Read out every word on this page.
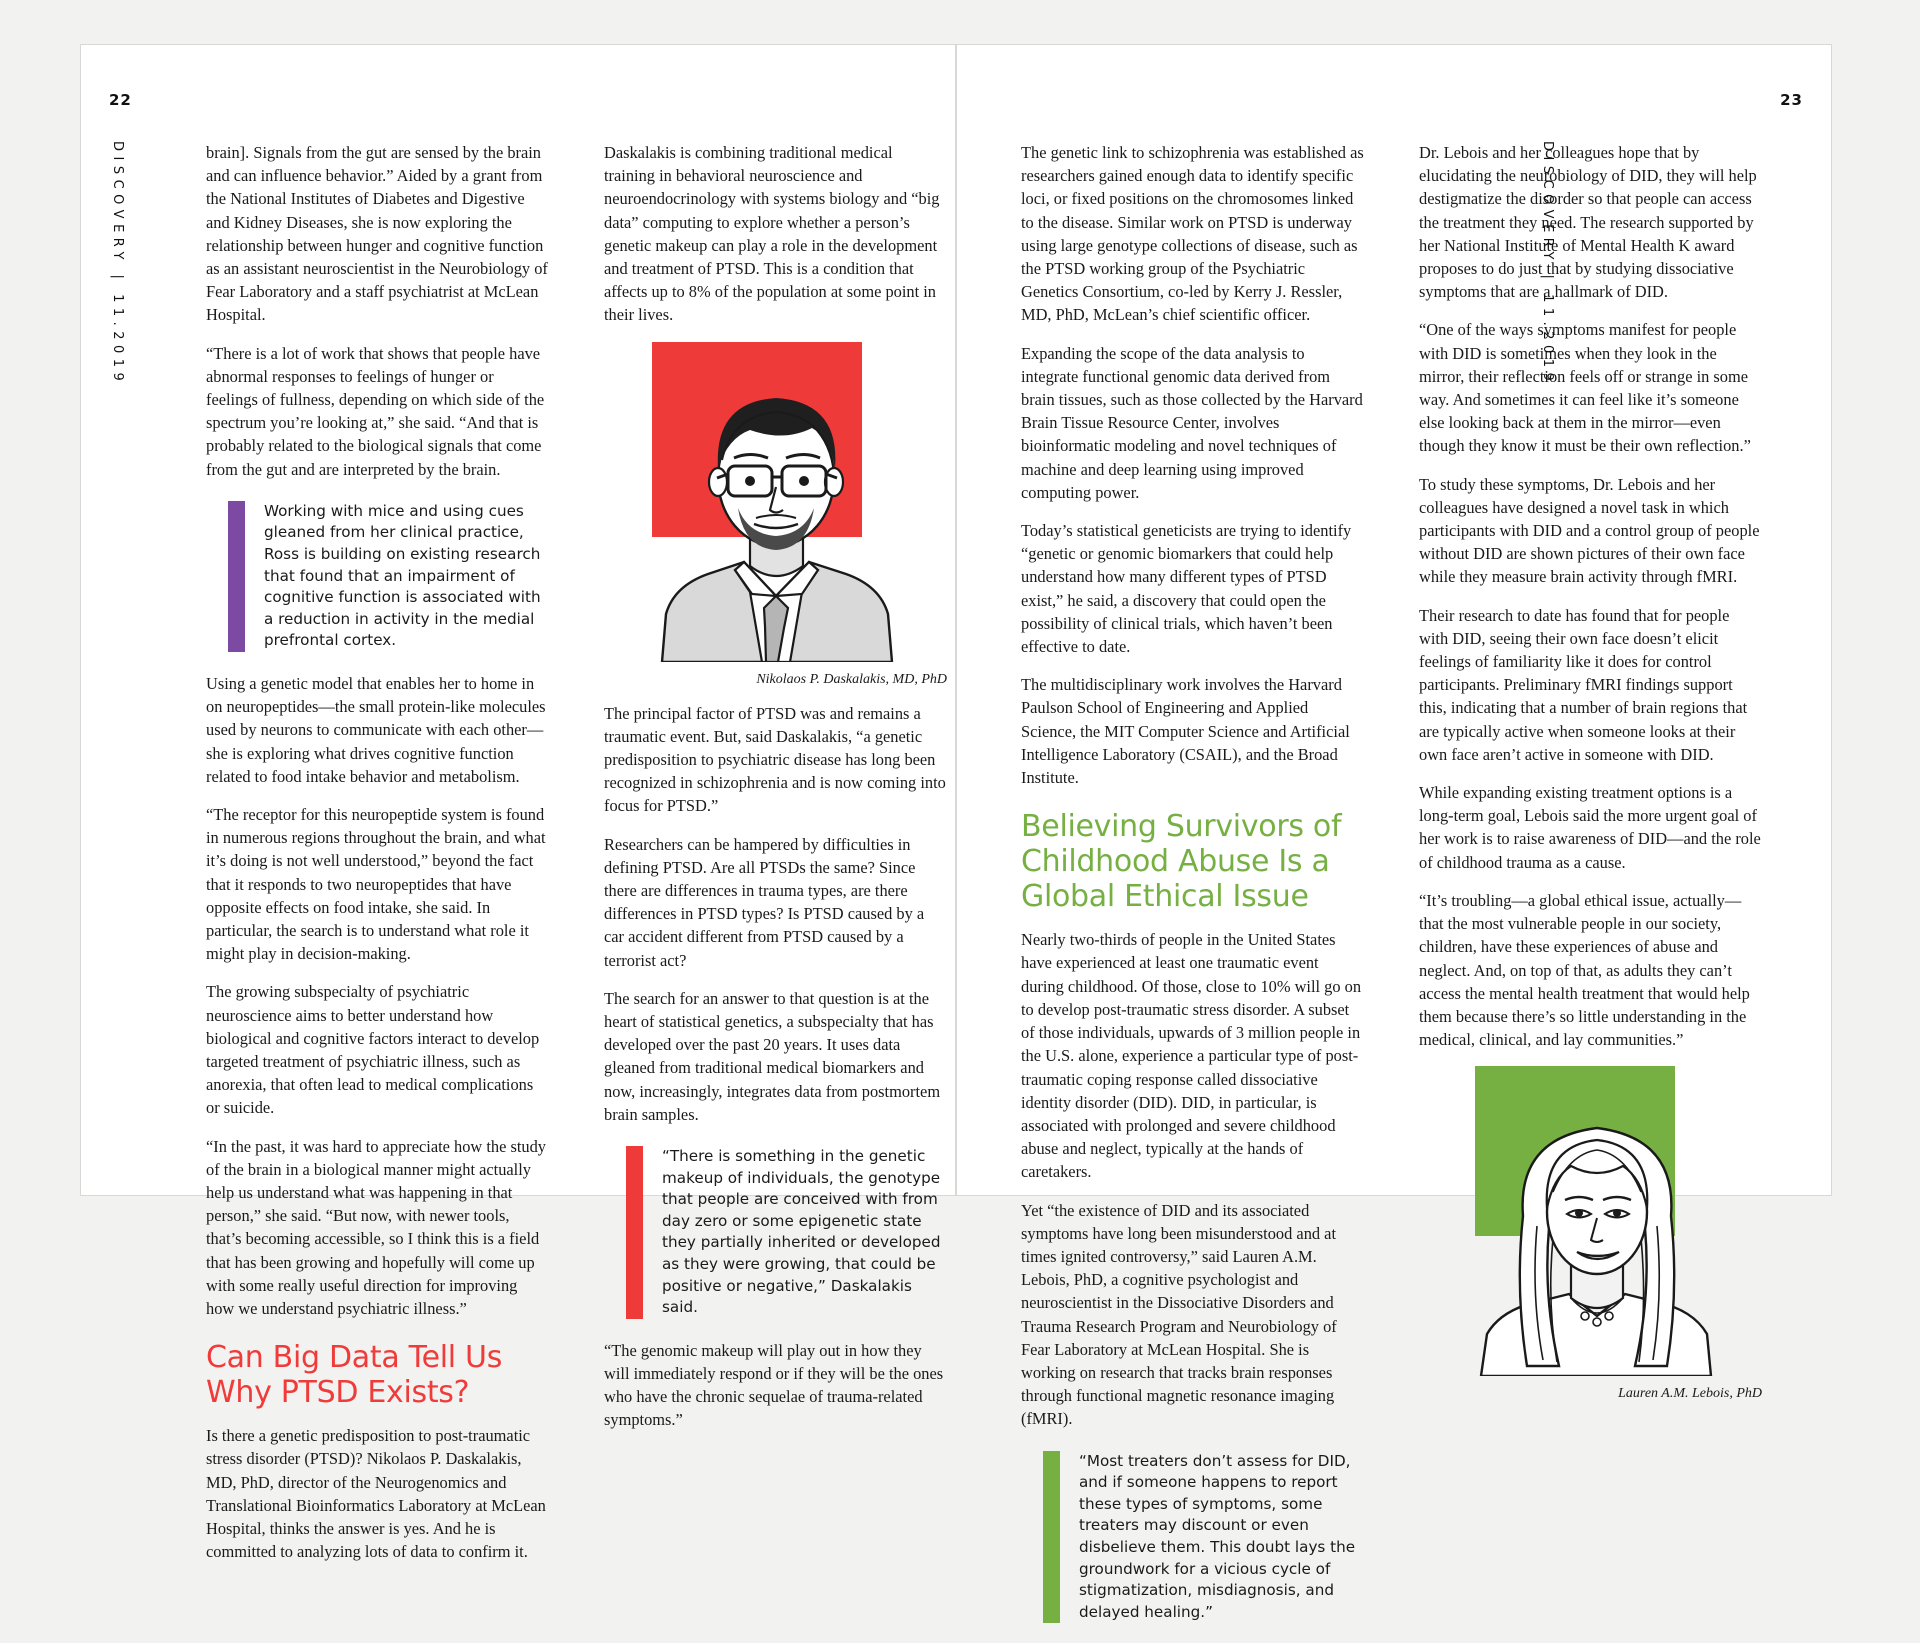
brain]. Signals from the gut are sensed by the brain and can influence behavior.” Aided by a grant from the National Institutes of Diabetes and Digestive and Kidney Diseases, she is now exploring the relationship between hunger and cognitive function as an assistant neuroscientist in the Neurobiology of Fear Laboratory and a staff psychiatrist at McLean Hospital.

“There is a lot of work that shows that people have abnormal responses to feelings of hunger or feelings of fullness, depending on which side of the spectrum you’re looking at,” she said. “And that is probably related to the biological signals that come from the gut and are interpreted by the brain.

Working with mice and using cues gleaned from her clinical practice, Ross is building on existing research that found that an impairment of cognitive function is associated with a reduction in activity in the medial prefrontal cortex.

Using a genetic model that enables her to home in on neuropeptides—the small protein-like molecules used by neurons to communicate with each other—she is exploring what drives cognitive function related to food intake behavior and metabolism.

“The receptor for this neuropeptide system is found in numerous regions throughout the brain, and what it’s doing is not well understood,” beyond the fact that it responds to two neuropeptides that have opposite effects on food intake, she said. In particular, the search is to understand what role it might play in decision-making.

The growing subspecialty of psychiatric neuroscience aims to better understand how biological and cognitive factors interact to develop targeted treatment of psychiatric illness, such as anorexia, that often lead to medical complications or suicide.

“In the past, it was hard to appreciate how the study of the brain in a biological manner might actually help us understand what was happening in that person,” she said. “But now, with newer tools, that’s becoming accessible, so I think this is a field that has been growing and hopefully will come up with some really useful direction for improving how we understand psychiatric illness.”

Can Big Data Tell Us Why PTSD Exists?

Is there a genetic predisposition to post-traumatic stress disorder (PTSD)? Nikolaos P. Daskalakis, MD, PhD, director of the Neurogenomics and Translational Bioinformatics Laboratory at McLean Hospital, thinks the answer is yes. And he is committed to analyzing lots of data to confirm it.

Daskalakis is combining traditional medical training in behavioral neuroscience and neuroendocrinology with systems biology and “big data” computing to explore whether a person’s genetic makeup can play a role in the development and treatment of PTSD. This is a condition that affects up to 8% of the population at some point in their lives.

Nikolaos P. Daskalakis, MD, PhD

The principal factor of PTSD was and remains a traumatic event. But, said Daskalakis, “a genetic predisposition to psychiatric disease has long been recognized in schizophrenia and is now coming into focus for PTSD.”

Researchers can be hampered by difficulties in defining PTSD. Are all PTSDs the same? Since there are differences in trauma types, are there differences in PTSD types? Is PTSD caused by a car accident different from PTSD caused by a terrorist act?

The search for an answer to that question is at the heart of statistical genetics, a subspecialty that has developed over the past 20 years. It uses data gleaned from traditional medical biomarkers and now, increasingly, integrates data from postmortem brain samples.

“There is something in the genetic makeup of individuals, the genotype that people are conceived with from day zero or some epigenetic state they partially inherited or developed as they were growing, that could be positive or negative,” Daskalakis said.

“The genomic makeup will play out in how they will immediately respond or if they will be the ones who have the chronic sequelae of trauma-related symptoms.”

22
DISCOVERY | 11.2019	The genetic link to schizophrenia was established as researchers gained enough data to identify specific loci, or fixed positions on the chromosomes linked to the disease. Similar work on PTSD is underway using large genotype collections of disease, such as the PTSD working group of the Psychiatric Genetics Consortium, co-led by Kerry J. Ressler, MD, PhD, McLean’s chief scientific officer.

Expanding the scope of the data analysis to integrate functional genomic data derived from brain tissues, such as those collected by the Harvard Brain Tissue Resource Center, involves bioinformatic modeling and novel techniques of machine and deep learning using improved computing power.

Today’s statistical geneticists are trying to identify “genetic or genomic biomarkers that could help understand how many different types of PTSD exist,” he said, a discovery that could open the possibility of clinical trials, which haven’t been effective to date.

The multidisciplinary work involves the Harvard Paulson School of Engineering and Applied Science, the MIT Computer Science and Artificial Intelligence Laboratory (CSAIL), and the Broad Institute.

Believing Survivors of Childhood Abuse Is a Global Ethical Issue

Nearly two-thirds of people in the United States have experienced at least one traumatic event during childhood. Of those, close to 10% will go on to develop post-traumatic stress disorder. A subset of those individuals, upwards of 3 million people in the U.S. alone, experience a particular type of post-traumatic coping response called dissociative identity disorder (DID). DID, in particular, is associated with prolonged and severe childhood abuse and neglect, typically at the hands of caretakers.

Yet “the existence of DID and its associated symptoms have long been misunderstood and at times ignited controversy,” said Lauren A.M. Lebois, PhD, a cognitive psychologist and neuroscientist in the Dissociative Disorders and Trauma Research Program and Neurobiology of Fear Laboratory at McLean Hospital. She is working on research that tracks brain responses through functional magnetic resonance imaging (fMRI).

“Most treaters don’t assess for DID, and if someone happens to report these types of symptoms, some treaters may discount or even disbelieve them. This doubt lays the groundwork for a vicious cycle of stigmatization, misdiagnosis, and delayed healing.”

Dr. Lebois and her colleagues hope that by elucidating the neurobiology of DID, they will help destigmatize the disorder so that people can access the treatment they need. The research supported by her National Institute of Mental Health K award proposes to do just that by studying dissociative symptoms that are a hallmark of DID.

“One of the ways symptoms manifest for people with DID is sometimes when they look in the mirror, their reflection feels off or strange in some way. And sometimes it can feel like it’s someone else looking back at them in the mirror—even though they know it must be their own reflection.”

To study these symptoms, Dr. Lebois and her colleagues have designed a novel task in which participants with DID and a control group of people without DID are shown pictures of their own face while they measure brain activity through fMRI.

Their research to date has found that for people with DID, seeing their own face doesn’t elicit feelings of familiarity like it does for control participants. Preliminary fMRI findings support this, indicating that a number of brain regions that are typically active when someone looks at their own face aren’t active in someone with DID.

While expanding existing treatment options is a long-term goal, Lebois said the more urgent goal of her work is to raise awareness of DID—and the role of childhood trauma as a cause.

“It’s troubling—a global ethical issue, actually—that the most vulnerable people in our society, children, have these experiences of abuse and neglect. And, on top of that, as adults they can’t access the mental health treatment that would help them because there’s so little understanding in the medical, clinical, and lay communities.”

Lauren A.M. Lebois, PhD
23
DISCOVERY | 11.2019
